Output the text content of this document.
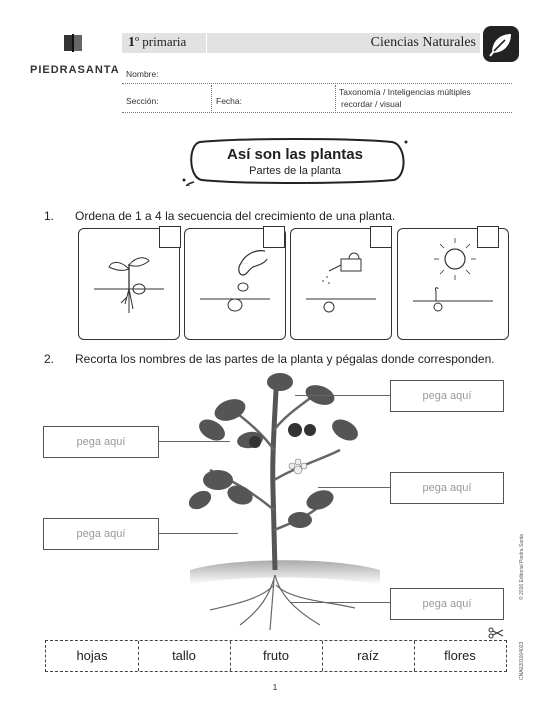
PIEDRASANTA
1º primaria	Ciencias Naturales
Nombre:
Sección:	Fecha:
Taxonomía / Inteligencias múltiples
recordar / visual
Así son las plantas
Partes de la planta
1. Ordena de 1 a 4 la secuencia del crecimiento de una planta.
2. Recorta los nombres de las partes de la planta y pégalas donde corresponden.
pega aquí
pega aquí
pega aquí
pega aquí
pega aquí
hojas	tallo	fruto	raíz	flores
© 2016 Editorial Piedra Santa
CNA0201004023
1
